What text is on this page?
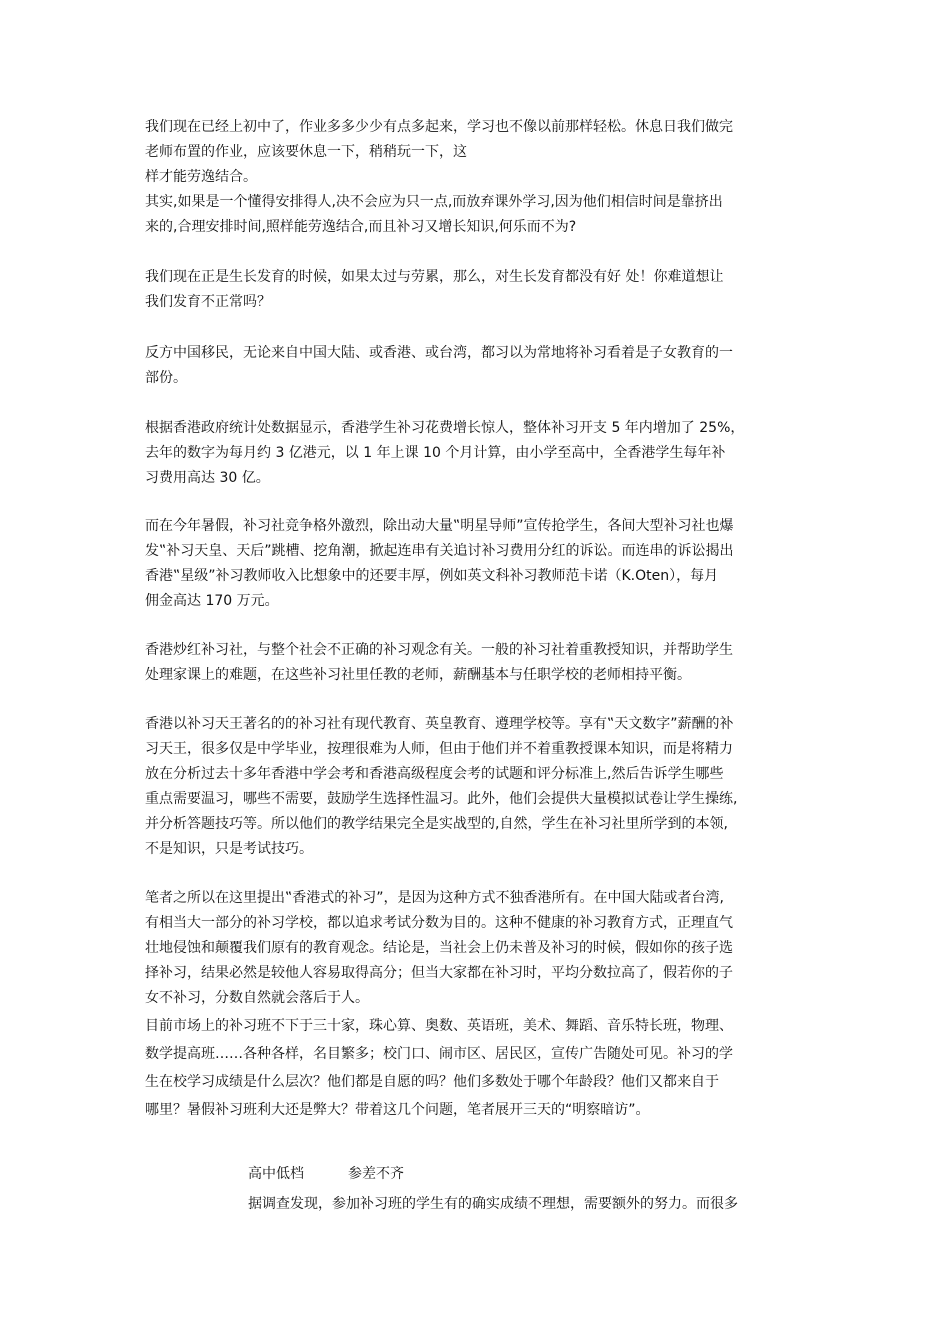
我们现在已经上初中了，作业多多少少有点多起来，学习也不像以前那样轻松。休息日我们做完
老师布置的作业，应该要休息一下，稍稍玩一下，这
样才能劳逸结合。
其实,如果是一个懂得安排得人,决不会应为只一点,而放弃课外学习,因为他们相信时间是靠挤出
来的,合理安排时间,照样能劳逸结合,而且补习又增长知识,何乐而不为?
我们现在正是生长发育的时候，如果太过与劳累，那么，对生长发育都没有好 处！你难道想让
我们发育不正常吗？
反方中国移民，无论来自中国大陆、或香港、或台湾，都习以为常地将补习看着是子女教育的一
部份。
根据香港政府统计处数据显示，香港学生补习花费增长惊人，整体补习开支 5 年内增加了 25%，
去年的数字为每月约 3 亿港元，以 1 年上课 10 个月计算，由小学至高中，全香港学生每年补
习费用高达 30 亿。
而在今年暑假，补习社竞争格外激烈，除出动大量‟明星导师”宣传抢学生，各间大型补习社也爆
发‟补习天皇、天后”跳槽、挖角潮，掀起连串有关追讨补习费用分红的诉讼。而连串的诉讼揭出
香港‟星级”补习教师收入比想象中的还要丰厚，例如英文科补习教师范卡诺（K.Oten），每月
佣金高达 170 万元。
香港炒红补习社，与整个社会不正确的补习观念有关。一般的补习社着重教授知识，并帮助学生
处理家课上的难题，在这些补习社里任教的老师，薪酬基本与任职学校的老师相持平衡。
香港以补习天王著名的的补习社有现代教育、英皇教育、遵理学校等。享有‟天文数字”薪酬的补
习天王，很多仅是中学毕业，按理很难为人师，但由于他们并不着重教授课本知识，而是将精力
放在分析过去十多年香港中学会考和香港高级程度会考的试题和评分标准上,然后告诉学生哪些
重点需要温习，哪些不需要，鼓励学生选择性温习。此外，他们会提供大量模拟试卷让学生操练,
并分析答题技巧等。所以他们的教学结果完全是实战型的,自然，学生在补习社里所学到的本领,
不是知识，只是考试技巧。
笔者之所以在这里提出‟香港式的补习”，是因为这种方式不独香港所有。在中国大陆或者台湾,
有相当大一部分的补习学校，都以追求考试分数为目的。这种不健康的补习教育方式，正理直气
壮地侵蚀和颠覆我们原有的教育观念。结论是，当社会上仍未普及补习的时候，假如你的孩子选
择补习，结果必然是较他人容易取得高分；但当大家都在补习时，平均分数拉高了，假若你的子
女不补习，分数自然就会落后于人。
目前市场上的补习班不下于三十家，珠心算、奥数、英语班，美术、舞蹈、音乐特长班，物理、
数学提高班……各种各样，名目繁多；校门口、闹市区、居民区，宣传广告随处可见。补习的学
生在校学习成绩是什么层次？他们都是自愿的吗？他们多数处于哪个年龄段？他们又都来自于
哪里？暑假补习班利大还是弊大？带着这几个问题，笔者展开三天的“明察暗访”。
高中低档	参差不齐
据调查发现，参加补习班的学生有的确实成绩不理想，需要额外的努力。而很多
